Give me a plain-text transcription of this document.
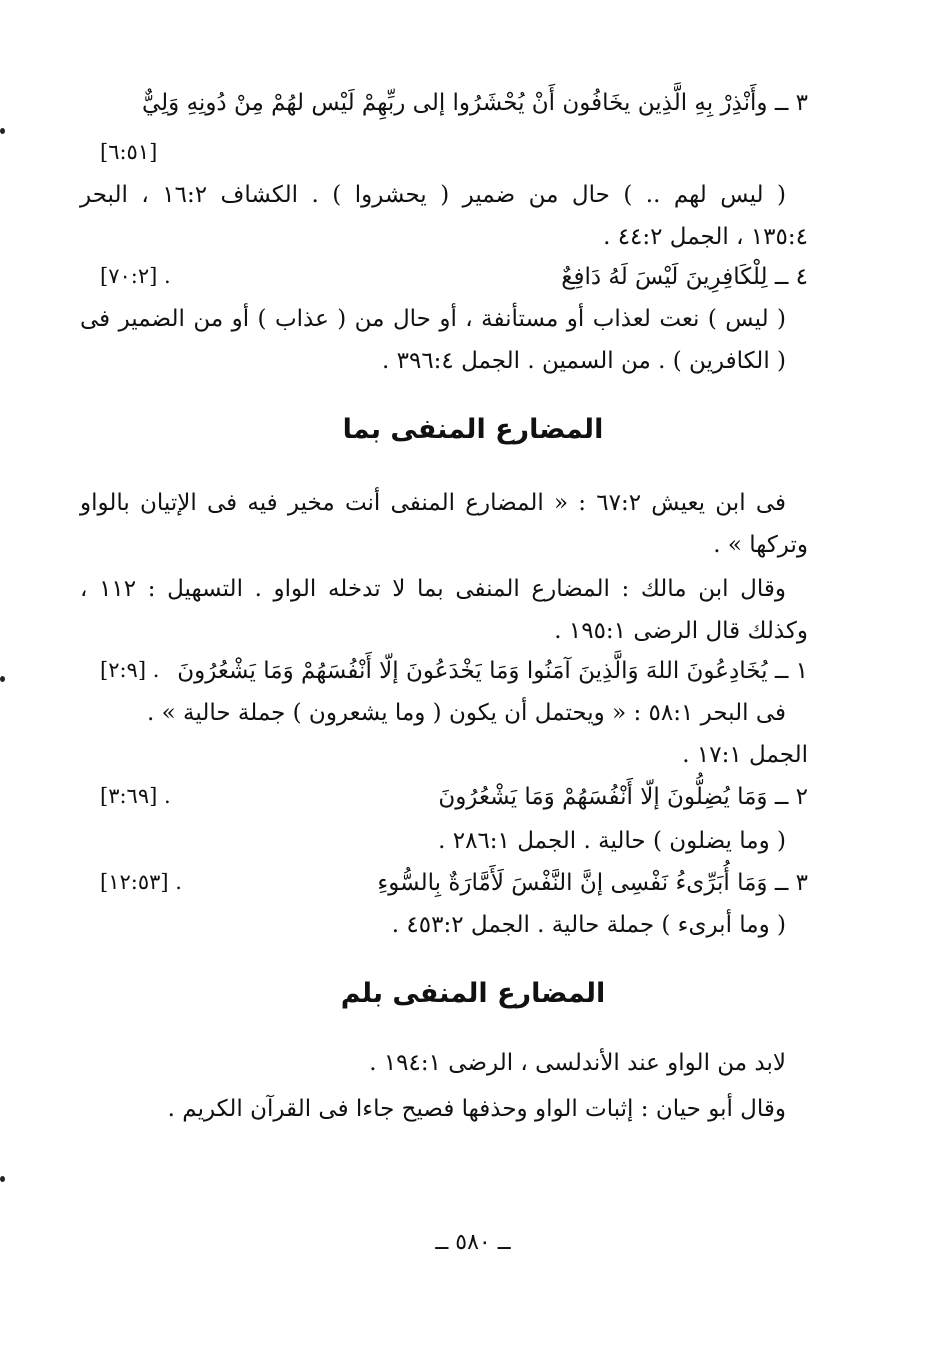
٣ ــ وأَنْذِرْ بِهِ الَّذِين يخَافُون أَنْ يُحْشَرُوا إلى ربِّهِمْ لَيْس لهُمْ مِنْ دُونِهِ وَلِيٌّ
[٦:٥١]
( ليس لهم .. ) حال من ضمير ( يحشروا ) . الكشاف ١٦:٢ ، البحر
١٣٥:٤ ، الجمل ٤٤:٢ .
٤ ــ لِلْكَافِرِينَ لَيْسَ لَهُ دَافِعٌ
[٧٠:٢] .
( ليس ) نعت لعذاب أو مستأنفة ، أو حال من ( عذاب ) أو من الضمير فى
( الكافرين ) . من السمين . الجمل ٣٩٦:٤ .
المضارع المنفى بما
فى ابن يعيش ٦٧:٢ : « المضارع المنفى أنت مخير فيه فى الإتيان بالواو
وتركها » .
وقال ابن مالك : المضارع المنفى بما لا تدخله الواو . التسهيل : ١١٢ ،
وكذلك قال الرضى ١٩٥:١ .
١ ــ يُخَادِعُونَ اللهَ وَالَّذِينَ آمَنُوا وَمَا يَخْدَعُونَ إلّا أَنْفُسَهُمْ وَمَا يَشْعُرُونَ
[٢:٩] .
فى البحر ٥٨:١ : « ويحتمل أن يكون ( وما يشعرون ) جملة حالية » .
الجمل ١٧:١ .
٢ ــ وَمَا يُضِلُّونَ إلّا أَنْفُسَهُمْ وَمَا يَشْعُرُونَ
[٣:٦٩] .
( وما يضلون ) حالية . الجمل ٢٨٦:١ .
٣ ــ وَمَا أُبَرِّىءُ نَفْسِى إنَّ النَّفْسَ لَأَمَّارَةٌ بِالسُّوءِ
[١٢:٥٣] .
( وما أبرىء ) جملة حالية . الجمل ٤٥٣:٢ .
المضارع المنفى بلم
لابد من الواو عند الأندلسى ، الرضى ١٩٤:١ .
وقال أبو حيان : إثبات الواو وحذفها فصيح جاءا فى القرآن الكريم .
ــ ٥٨٠ ــ
